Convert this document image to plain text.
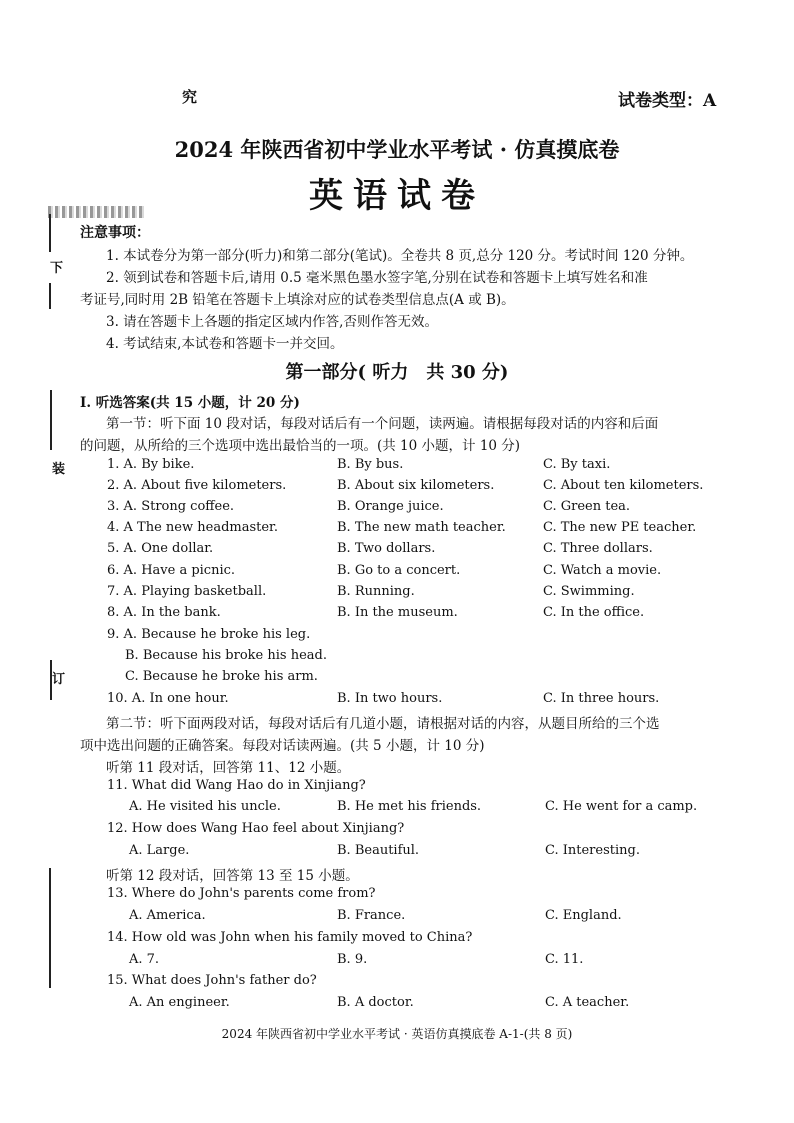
下
装
订
究	试卷类型：A
2024 年陕西省初中学业水平考试 · 仿真摸底卷
英语试卷
注意事项：
1. 本试卷分为第一部分(听力)和第二部分(笔试)。全卷共 8 页,总分 120 分。考试时间 120 分钟。
2. 领到试卷和答题卡后,请用 0.5 毫米黑色墨水签字笔,分别在试卷和答题卡上填写姓名和准
考证号,同时用 2B 铅笔在答题卡上填涂对应的试卷类型信息点(A 或 B)。
3. 请在答题卡上各题的指定区域内作答,否则作答无效。
4. 考试结束,本试卷和答题卡一并交回。
第一部分( 听力　共 30 分)
Ⅰ. 听选答案(共 15 小题，计 20 分)
第一节：听下面 10 段对话，每段对话后有一个问题，读两遍。请根据每段对话的内容和后面
的问题，从所给的三个选项中选出最恰当的一项。(共 10 小题，计 10 分)
1. A. By bike.	B. By bus.	C. By taxi.
2. A. About five kilometers.	B. About six kilometers.	C. About ten kilometers.
3. A. Strong coffee.	B. Orange juice.	C. Green tea.
4. A The new headmaster.	B. The new math teacher.	C. The new PE teacher.
5. A. One dollar.	B. Two dollars.	C. Three dollars.
6. A. Have a picnic.	B. Go to a concert.	C. Watch a movie.
7. A. Playing basketball.	B. Running.	C. Swimming.
8. A. In the bank.	B. In the museum.	C. In the office.
9. A. Because he broke his leg.
B. Because his broke his head.
C. Because he broke his arm.
10. A. In one hour.	B. In two hours.	C. In three hours.
第二节：听下面两段对话，每段对话后有几道小题，请根据对话的内容，从题目所给的三个选
项中选出问题的正确答案。每段对话读两遍。(共 5 小题，计 10 分)
听第 11 段对话，回答第 11、12 小题。
11. What did Wang Hao do in Xinjiang?
A. He visited his uncle.	B. He met his friends.	C. He went for a camp.
12. How does Wang Hao feel about Xinjiang?
A. Large.	B. Beautiful.	C. Interesting.
听第 12 段对话，回答第 13 至 15 小题。
13. Where do John's parents come from?
A. America.	B. France.	C. England.
14. How old was John when his family moved to China?
A. 7.	B. 9.	C. 11.
15. What does John's father do?
A. An engineer.	B. A doctor.	C. A teacher.
2024 年陕西省初中学业水平考试 · 英语仿真摸底卷 A-1-(共 8 页)
